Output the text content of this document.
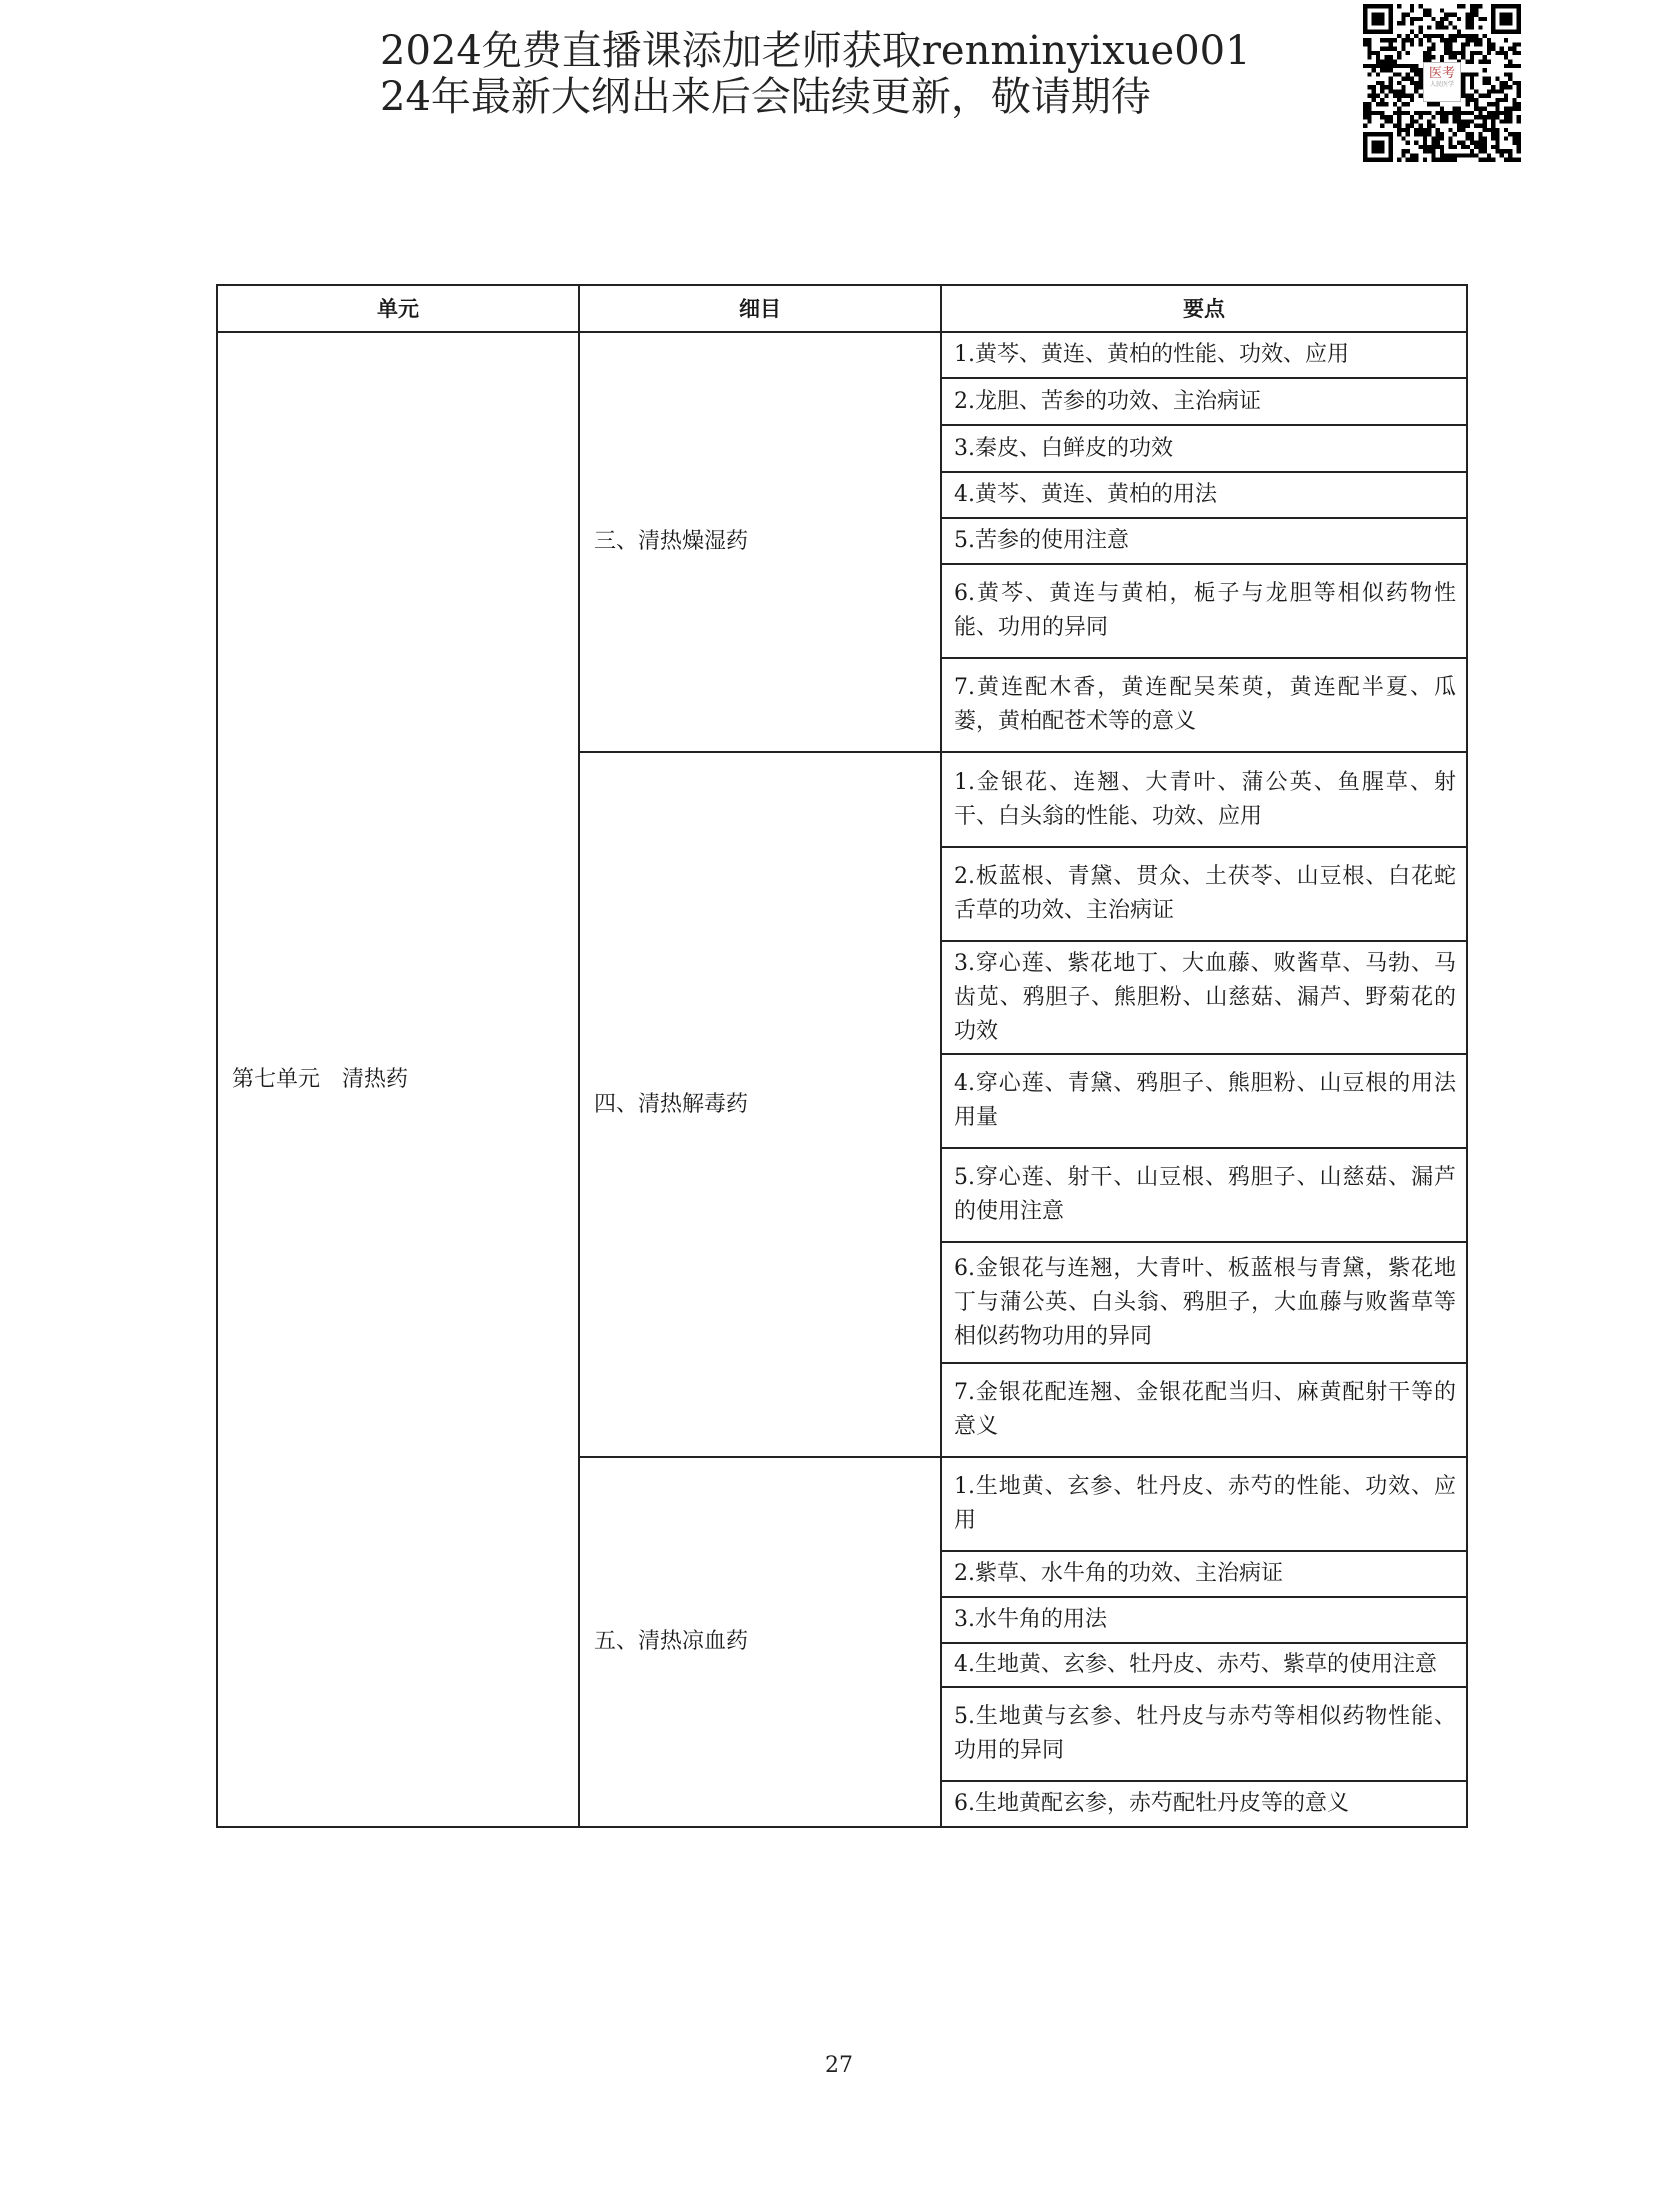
2024免费直播课添加老师获取renminyixue001
24年最新大纲出来后会陆续更新，敬请期待
医考
人民医学
单元	细目	要点
第七单元　清热药	三、清热燥湿药	1.黄芩、黄连、黄柏的性能、功效、应用
		2.龙胆、苦参的功效、主治病证
		3.秦皮、白鲜皮的功效
		4.黄芩、黄连、黄柏的用法
		5.苦参的使用注意
		6.黄芩、黄连与黄柏，栀子与龙胆等相似药物性能、功用的异同
		7.黄连配木香，黄连配吴茱萸，黄连配半夏、瓜蒌，黄柏配苍术等的意义
	四、清热解毒药	1.金银花、连翘、大青叶、蒲公英、鱼腥草、射干、白头翁的性能、功效、应用
		2.板蓝根、青黛、贯众、土茯苓、山豆根、白花蛇舌草的功效、主治病证
		3.穿心莲、紫花地丁、大血藤、败酱草、马勃、马齿苋、鸦胆子、熊胆粉、山慈菇、漏芦、野菊花的功效
		4.穿心莲、青黛、鸦胆子、熊胆粉、山豆根的用法用量
		5.穿心莲、射干、山豆根、鸦胆子、山慈菇、漏芦的使用注意
		6.金银花与连翘，大青叶、板蓝根与青黛，紫花地丁与蒲公英、白头翁、鸦胆子，大血藤与败酱草等相似药物功用的异同
		7.金银花配连翘、金银花配当归、麻黄配射干等的意义
	五、清热凉血药	1.生地黄、玄参、牡丹皮、赤芍的性能、功效、应用
		2.紫草、水牛角的功效、主治病证
		3.水牛角的用法
		4.生地黄、玄参、牡丹皮、赤芍、紫草的使用注意
		5.生地黄与玄参、牡丹皮与赤芍等相似药物性能、功用的异同
		6.生地黄配玄参，赤芍配牡丹皮等的意义
27
